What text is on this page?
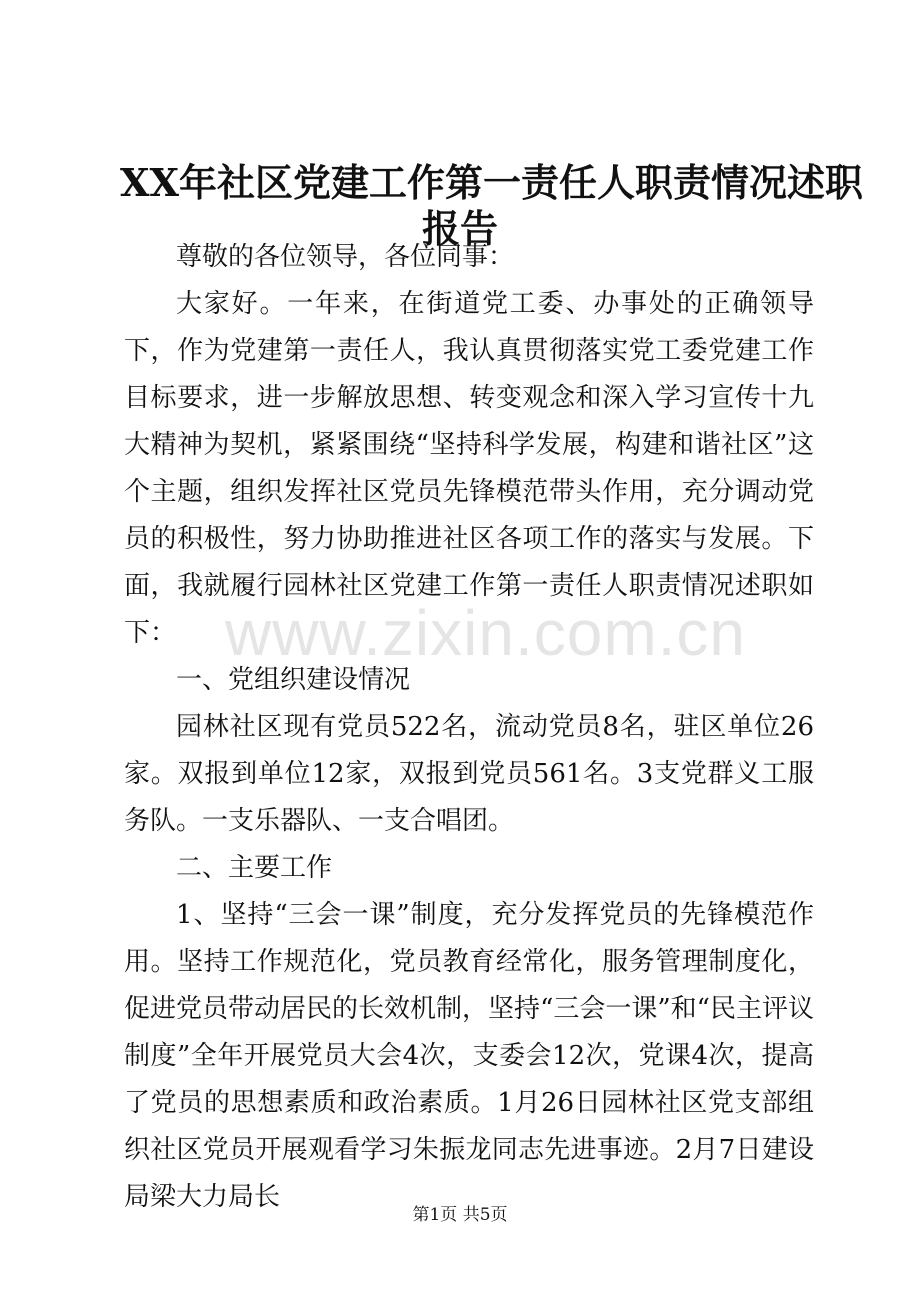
XX年社区党建工作第一责任人职责情况述职
报告

尊敬的各位领导，各位同事：

大家好。一年来，在街道党工委、办事处的正确领导下，作为党建第一责任人，我认真贯彻落实党工委党建工作目标要求，进一步解放思想、转变观念和深入学习宣传十九大精神为契机，紧紧围绕“坚持科学发展，构建和谐社区”这个主题，组织发挥社区党员先锋模范带头作用，充分调动党员的积极性，努力协助推进社区各项工作的落实与发展。下面，我就履行园林社区党建工作第一责任人职责情况述职如下：

一、党组织建设情况

园林社区现有党员522名，流动党员8名，驻区单位26家。双报到单位12家，双报到党员561名。3支党群义工服务队。一支乐器队、一支合唱团。

二、主要工作

1、坚持“三会一课”制度，充分发挥党员的先锋模范作用。坚持工作规范化，党员教育经常化，服务管理制度化，促进党员带动居民的长效机制，坚持“三会一课”和“民主评议制度”全年开展党员大会4次，支委会12次，党课4次，提高了党员的思想素质和政治素质。1月26日园林社区党支部组织社区党员开展观看学习朱振龙同志先进事迹。2月7日建设局梁大力局长

www.zixin.com.cn
第1页 共5页
